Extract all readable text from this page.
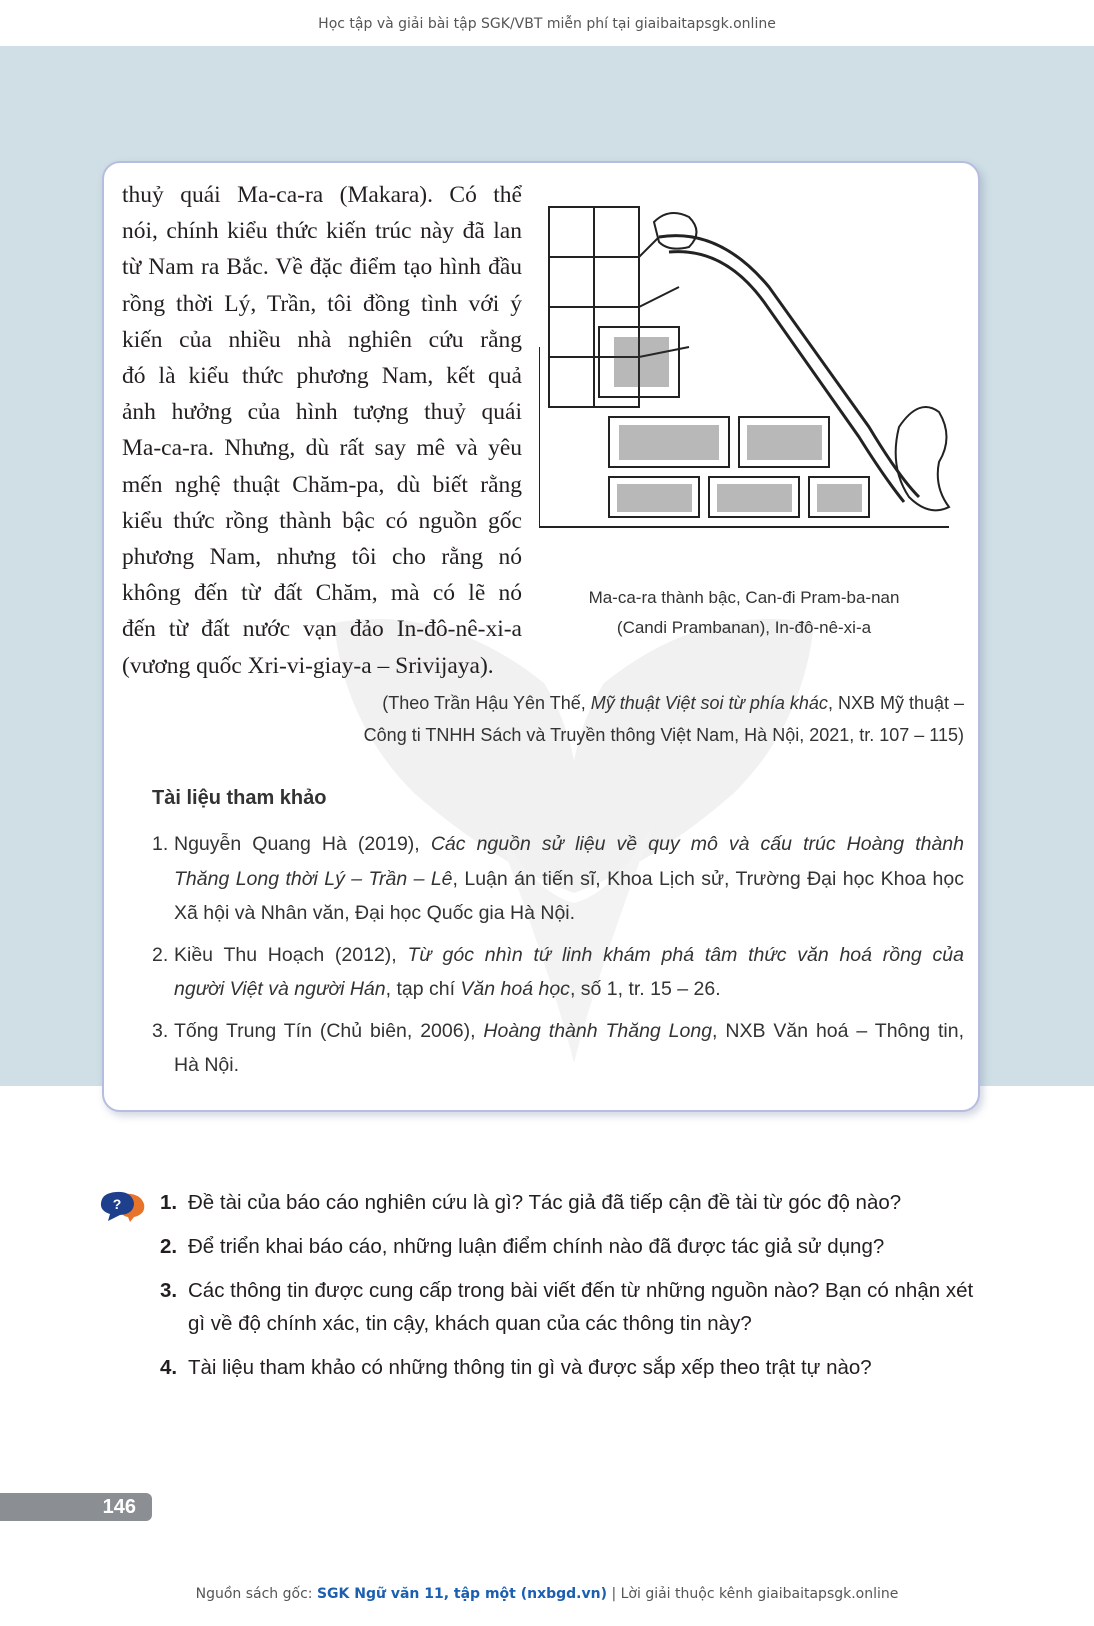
Học tập và giải bài tập SGK/VBT miễn phí tại giaibaitapsgk.online
thuỷ quái Ma-ca-ra (Makara). Có thể
nói, chính kiểu thức kiến trúc này đã lan
từ Nam ra Bắc. Về đặc điểm tạo hình đầu
rồng thời Lý, Trần, tôi đồng tình với ý
kiến của nhiều nhà nghiên cứu rằng
đó là kiểu thức phương Nam, kết quả
ảnh hưởng của hình tượng thuỷ quái
Ma-ca-ra. Nhưng, dù rất say mê và yêu
mến nghệ thuật Chăm-pa, dù biết rằng
kiểu thức rồng thành bậc có nguồn gốc
phương Nam, nhưng tôi cho rằng nó
không đến từ đất Chăm, mà có lẽ nó
đến từ đất nước vạn đảo In-đô-nê-xi-a
(vương quốc Xri-vi-giay-a – Srivijaya).
Ma-ca-ra thành bậc, Can-đi Pram-ba-nan
(Candi Prambanan), In-đô-nê-xi-a
(Theo Trần Hậu Yên Thế, Mỹ thuật Việt soi từ phía khác, NXB Mỹ thuật –
Công ti TNHH Sách và Truyền thông Việt Nam, Hà Nội, 2021, tr. 107 – 115)
Tài liệu tham khảo
1. Nguyễn Quang Hà (2019), Các nguồn sử liệu về quy mô và cấu trúc Hoàng thành
Thăng Long thời Lý – Trần – Lê, Luận án tiến sĩ, Khoa Lịch sử, Trường Đại học Khoa học
Xã hội và Nhân văn, Đại học Quốc gia Hà Nội.
2. Kiều Thu Hoạch (2012), Từ góc nhìn tứ linh khám phá tâm thức văn hoá rồng của
người Việt và người Hán, tạp chí Văn hoá học, số 1, tr. 15 – 26.
3. Tống Trung Tín (Chủ biên, 2006), Hoàng thành Thăng Long, NXB Văn hoá – Thông tin,
Hà Nội.
? 1. Đề tài của báo cáo nghiên cứu là gì? Tác giả đã tiếp cận đề tài từ góc độ nào?
2. Để triển khai báo cáo, những luận điểm chính nào đã được tác giả sử dụng?
3. Các thông tin được cung cấp trong bài viết đến từ những nguồn nào? Bạn có nhận xét gì về độ chính xác, tin cậy, khách quan của các thông tin này?
4. Tài liệu tham khảo có những thông tin gì và được sắp xếp theo trật tự nào?
146
Nguồn sách gốc: SGK Ngữ văn 11, tập một (nxbgd.vn) | Lời giải thuộc kênh giaibaitapsgk.online
